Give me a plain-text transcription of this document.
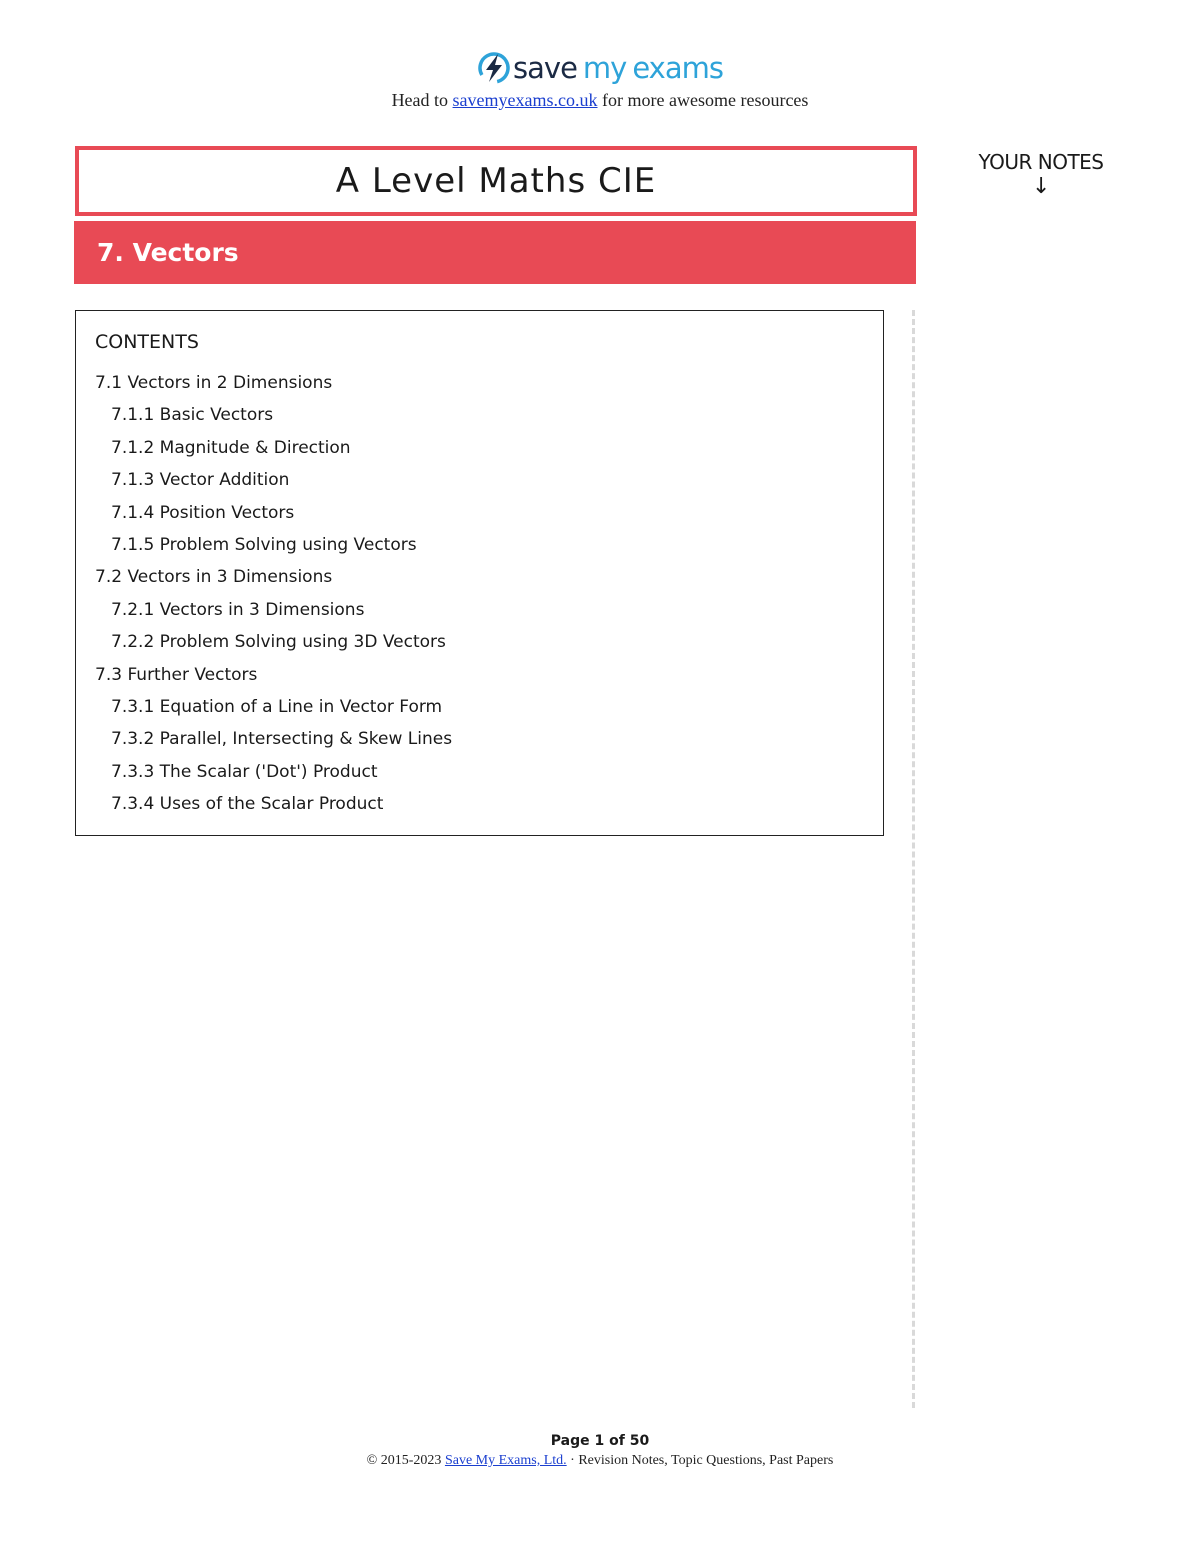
save my exams
Head to savemyexams.co.uk for more awesome resources
A Level Maths CIE
7. Vectors
YOUR NOTES
↓
CONTENTS
7.1 Vectors in 2 Dimensions
7.1.1 Basic Vectors
7.1.2 Magnitude & Direction
7.1.3 Vector Addition
7.1.4 Position Vectors
7.1.5 Problem Solving using Vectors
7.2 Vectors in 3 Dimensions
7.2.1 Vectors in 3 Dimensions
7.2.2 Problem Solving using 3D Vectors
7.3 Further Vectors
7.3.1 Equation of a Line in Vector Form
7.3.2 Parallel, Intersecting & Skew Lines
7.3.3 The Scalar ('Dot') Product
7.3.4 Uses of the Scalar Product
Page 1 of 50
© 2015-2023 Save My Exams, Ltd. · Revision Notes, Topic Questions, Past Papers
